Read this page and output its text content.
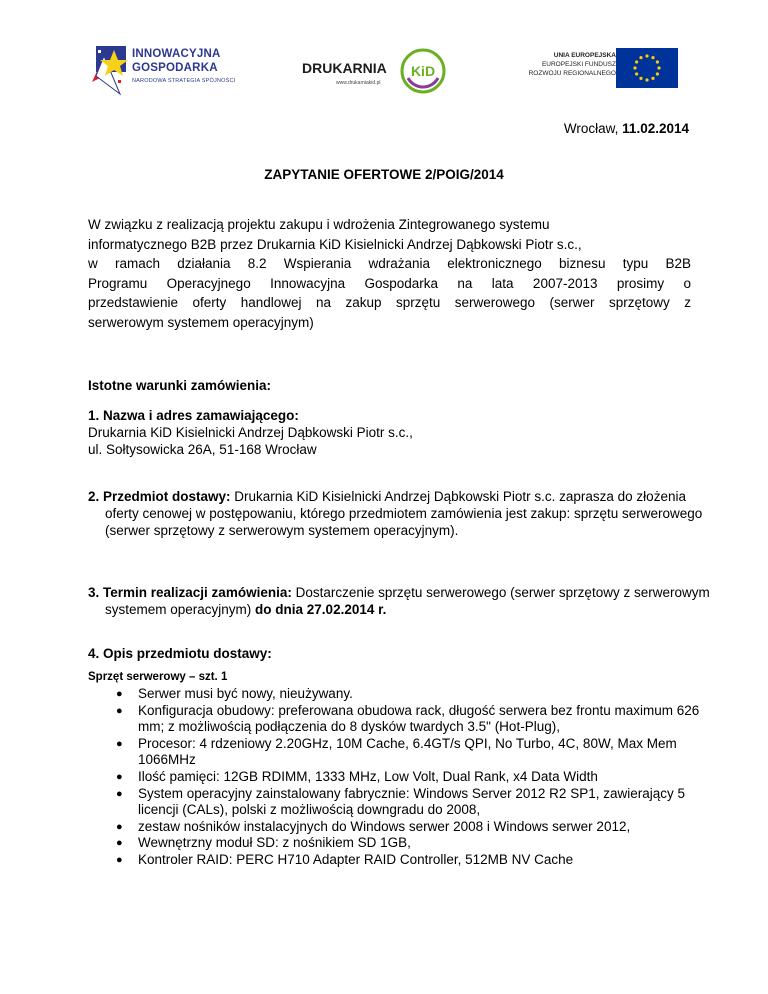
INNOWACYJNA
GOSPODARKA
NARODOWA STRATEGIA SPÓJNOŚCI
DRUKARNIA KiD
www.drukarniakid.pl
UNIA EUROPEJSKA
EUROPEJSKI FUNDUSZ
ROZWOJU REGIONALNEGO
Wrocław, 11.02.2014
ZAPYTANIE OFERTOWE 2/POIG/2014
W związku z realizacją projektu zakupu i wdrożenia Zintegrowanego systemu
informatycznego B2B przez Drukarnia KiD Kisielnicki Andrzej Dąbkowski Piotr s.c.,
w ramach działania 8.2 Wspierania wdrażania elektronicznego biznesu typu B2B
Programu Operacyjnego Innowacyjna Gospodarka na lata 2007-2013 prosimy o
przedstawienie oferty handlowej na zakup sprzętu serwerowego (serwer sprzętowy z
serwerowym systemem operacyjnym)
Istotne warunki zamówienia:
1. Nazwa i adres zamawiającego:
Drukarnia KiD Kisielnicki Andrzej Dąbkowski Piotr s.c.,
ul. Sołtysowicka 26A, 51-168 Wrocław
2. Przedmiot dostawy: Drukarnia KiD Kisielnicki Andrzej Dąbkowski Piotr s.c. zaprasza do złożenia oferty cenowej w postępowaniu, którego przedmiotem zamówienia jest zakup: sprzętu serwerowego (serwer sprzętowy z serwerowym systemem operacyjnym).
3. Termin realizacji zamówienia: Dostarczenie sprzętu serwerowego (serwer sprzętowy z serwerowym systemem operacyjnym) do dnia 27.02.2014 r.
4. Opis przedmiotu dostawy:
Sprzęt serwerowy – szt. 1
● Serwer musi być nowy, nieużywany.
● Konfiguracja obudowy: preferowana obudowa rack, długość serwera bez frontu maximum 626 mm; z możliwością podłączenia do 8 dysków twardych 3.5" (Hot-Plug),
● Procesor: 4 rdzeniowy 2.20GHz, 10M Cache, 6.4GT/s QPI, No Turbo, 4C, 80W, Max Mem 1066MHz
● Ilość pamięci: 12GB RDIMM, 1333 MHz, Low Volt, Dual Rank, x4 Data Width
● System operacyjny zainstalowany fabrycznie: Windows Server 2012 R2 SP1, zawierający 5 licencji (CALs), polski z możliwością downgradu do 2008,
● zestaw nośników instalacyjnych do Windows serwer 2008 i Windows serwer 2012,
● Wewnętrzny moduł SD: z nośnikiem SD 1GB,
● Kontroler RAID: PERC H710 Adapter RAID Controller, 512MB NV Cache
